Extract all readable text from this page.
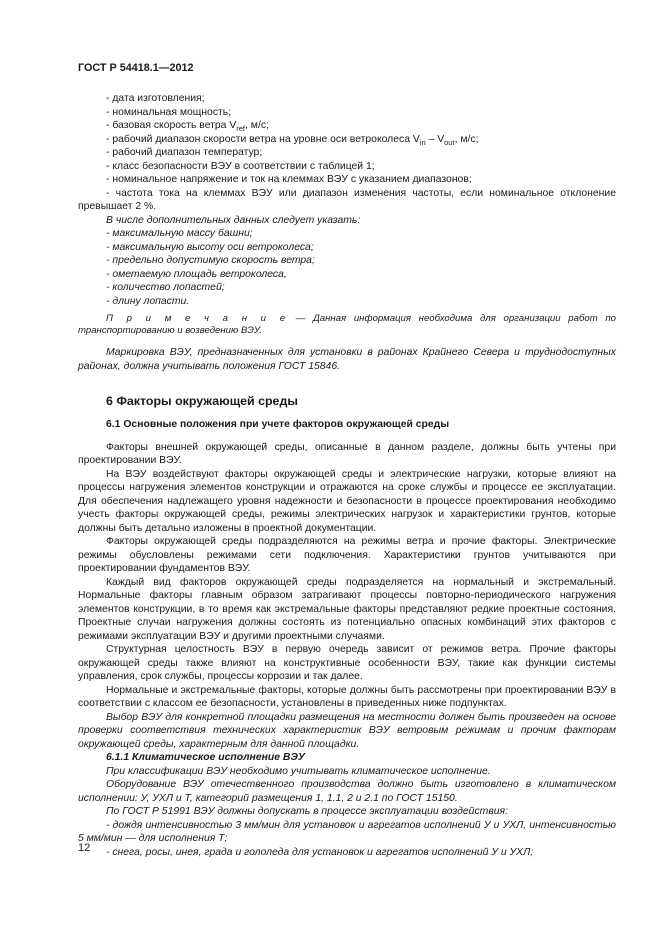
ГОСТ Р 54418.1—2012

- дата изготовления;

- номинальная мощность;

- базовая скорость ветра $V_{ref}$, м/с;

- рабочий диапазон скорости ветра на уровне оси ветроколеса $V_{in} - V_{out}$, м/с;

- рабочий диапазон температур;

- класс безопасности ВЭУ в соответствии с таблицей 1;

- номинальное напряжение и ток на клеммах ВЭУ с указанием диапазонов;

- частота тока на клеммах ВЭУ или диапазон изменения частоты, если номинальное отклонение превышает 2 %.

В числе дополнительных данных следует указать:

- максимальную массу башни;

- максимальную высоту оси ветроколеса;

- предельно допустимую скорость ветра;

- ометаемую площадь ветроколеса,

- количество лопастей;

- длину лопасти.

П р и м е ч а н и е — Данная информация необходима для организации работ по транспортированию и возведению ВЭУ.

Маркировка ВЭУ, предназначенных для установки в районах Крайнего Севера и труднодоступных районах, должна учитывать положения ГОСТ 15846.

6 Факторы окружающей среды

6.1 Основные положения при учете факторов окружающей среды

Факторы внешней окружающей среды, описанные в данном разделе, должны быть учтены при проектировании ВЭУ.

На ВЭУ воздействуют факторы окружающей среды и электрические нагрузки, которые влияют на процессы нагружения элементов конструкции и отражаются на сроке службы и процессе ее эксплуатации. Для обеспечения надлежащего уровня надежности и безопасности в процессе проектирования необходимо учесть факторы окружающей среды, режимы электрических нагрузок и характеристики грунтов, которые должны быть детально изложены в проектной документации.

Факторы окружающей среды подразделяются на режимы ветра и прочие факторы. Электрические режимы обусловлены режимами сети подключения. Характеристики грунтов учитываются при проектировании фундаментов ВЭУ.

Каждый вид факторов окружающей среды подразделяется на нормальный и экстремальный. Нормальные факторы главным образом затрагивают процессы повторно-периодического нагружения элементов конструкции, в то время как экстремальные факторы представляют редкие проектные состояния. Проектные случаи нагружения должны состоять из потенциально опасных комбинаций этих факторов с режимами эксплуатации ВЭУ и другими проектными случаями.

Структурная целостность ВЭУ в первую очередь зависит от режимов ветра. Прочие факторы окружающей среды также влияют на конструктивные особенности ВЭУ, такие как функции системы управления, срок службы, процессы коррозии и так далее.

Нормальные и экстремальные факторы, которые должны быть рассмотрены при проектировании ВЭУ в соответствии с классом ее безопасности, установлены в приведенных ниже подпунктах.

Выбор ВЭУ для конкретной площадки размещения на местности должен быть произведен на основе проверки соответствия технических характеристик ВЭУ ветровым режимам и прочим факторам окружающей среды, характерным для данной площадки.

6.1.1 Климатическое исполнение ВЭУ

При классификации ВЭУ необходимо учитывать климатическое исполнение.

Оборудование ВЭУ отечественного производства должно быть изготовлено в климатическом исполнении: У, УХЛ и Т, категорий размещения 1, 1.1, 2 и 2.1 по ГОСТ 15150.

По ГОСТ Р 51991 ВЭУ должны допускать в процессе эксплуатации воздействия:

- дождя интенсивностью 3 мм/мин для установок и агрегатов исполнений У и УХЛ, интенсивностью 5 мм/мин — для исполнения Т;

- снега, росы, инея, града и гололеда для установок и агрегатов исполнений У и УХЛ;

12
